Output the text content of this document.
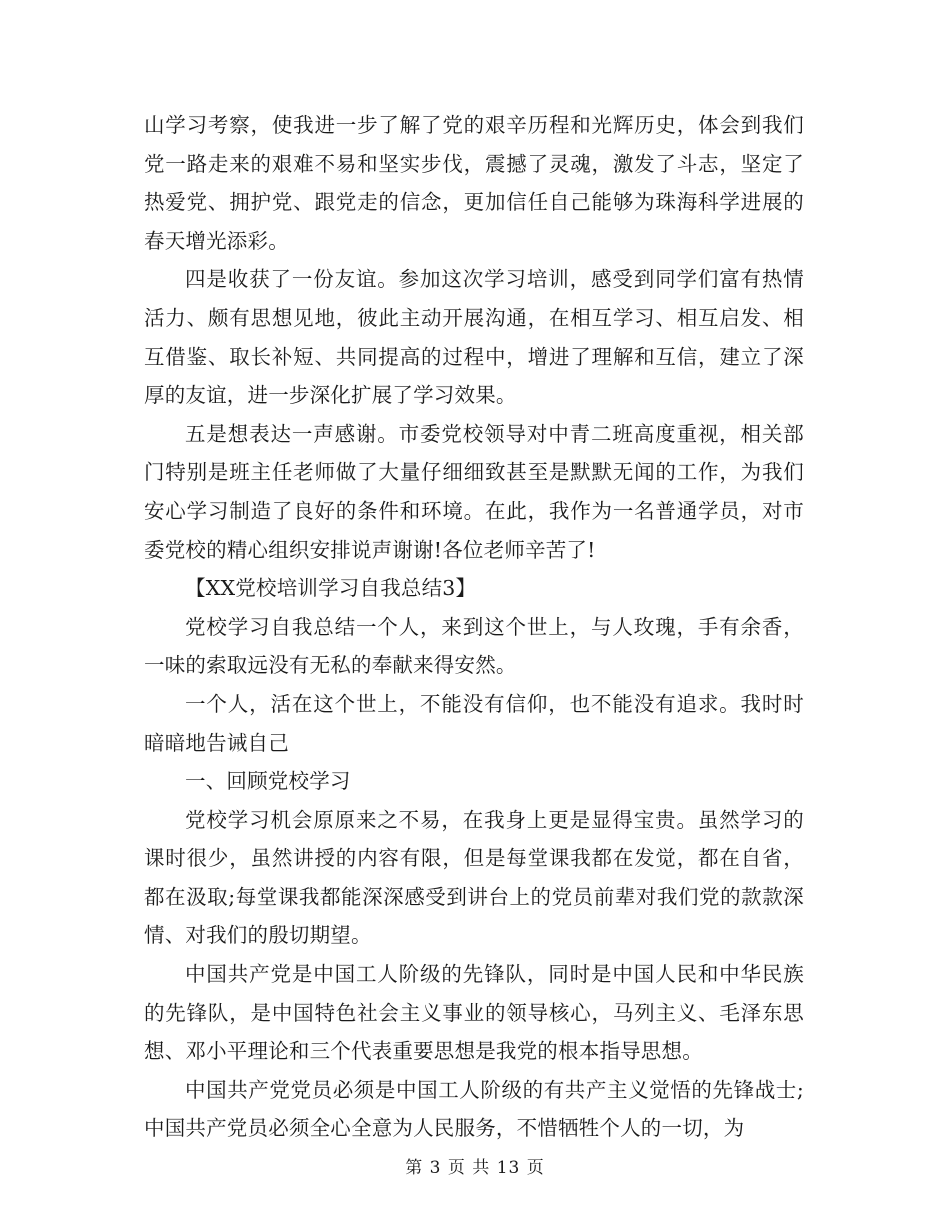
山学习考察，使我进一步了解了党的艰辛历程和光辉历史，体会到我们党一路走来的艰难不易和坚实步伐，震撼了灵魂，激发了斗志，坚定了热爱党、拥护党、跟党走的信念，更加信任自己能够为珠海科学进展的春天增光添彩。

四是收获了一份友谊。参加这次学习培训，感受到同学们富有热情活力、颇有思想见地，彼此主动开展沟通，在相互学习、相互启发、相互借鉴、取长补短、共同提高的过程中，增进了理解和互信，建立了深厚的友谊，进一步深化扩展了学习效果。

五是想表达一声感谢。市委党校领导对中青二班高度重视，相关部门特别是班主任老师做了大量仔细细致甚至是默默无闻的工作，为我们安心学习制造了良好的条件和环境。在此，我作为一名普通学员，对市委党校的精心组织安排说声谢谢!各位老师辛苦了!

【XX党校培训学习自我总结3】

党校学习自我总结一个人，来到这个世上，与人玫瑰，手有余香，一味的索取远没有无私的奉献来得安然。

一个人，活在这个世上，不能没有信仰，也不能没有追求。我时时暗暗地告诫自己

一、回顾党校学习

党校学习机会原原来之不易，在我身上更是显得宝贵。虽然学习的课时很少，虽然讲授的内容有限，但是每堂课我都在发觉，都在自省，都在汲取;每堂课我都能深深感受到讲台上的党员前辈对我们党的款款深情、对我们的殷切期望。

中国共产党是中国工人阶级的先锋队，同时是中国人民和中华民族的先锋队，是中国特色社会主义事业的领导核心，马列主义、毛泽东思想、邓小平理论和三个代表重要思想是我党的根本指导思想。

中国共产党党员必须是中国工人阶级的有共产主义觉悟的先锋战士;中国共产党员必须全心全意为人民服务，不惜牺牲个人的一切，为

第 3 页 共 13 页
